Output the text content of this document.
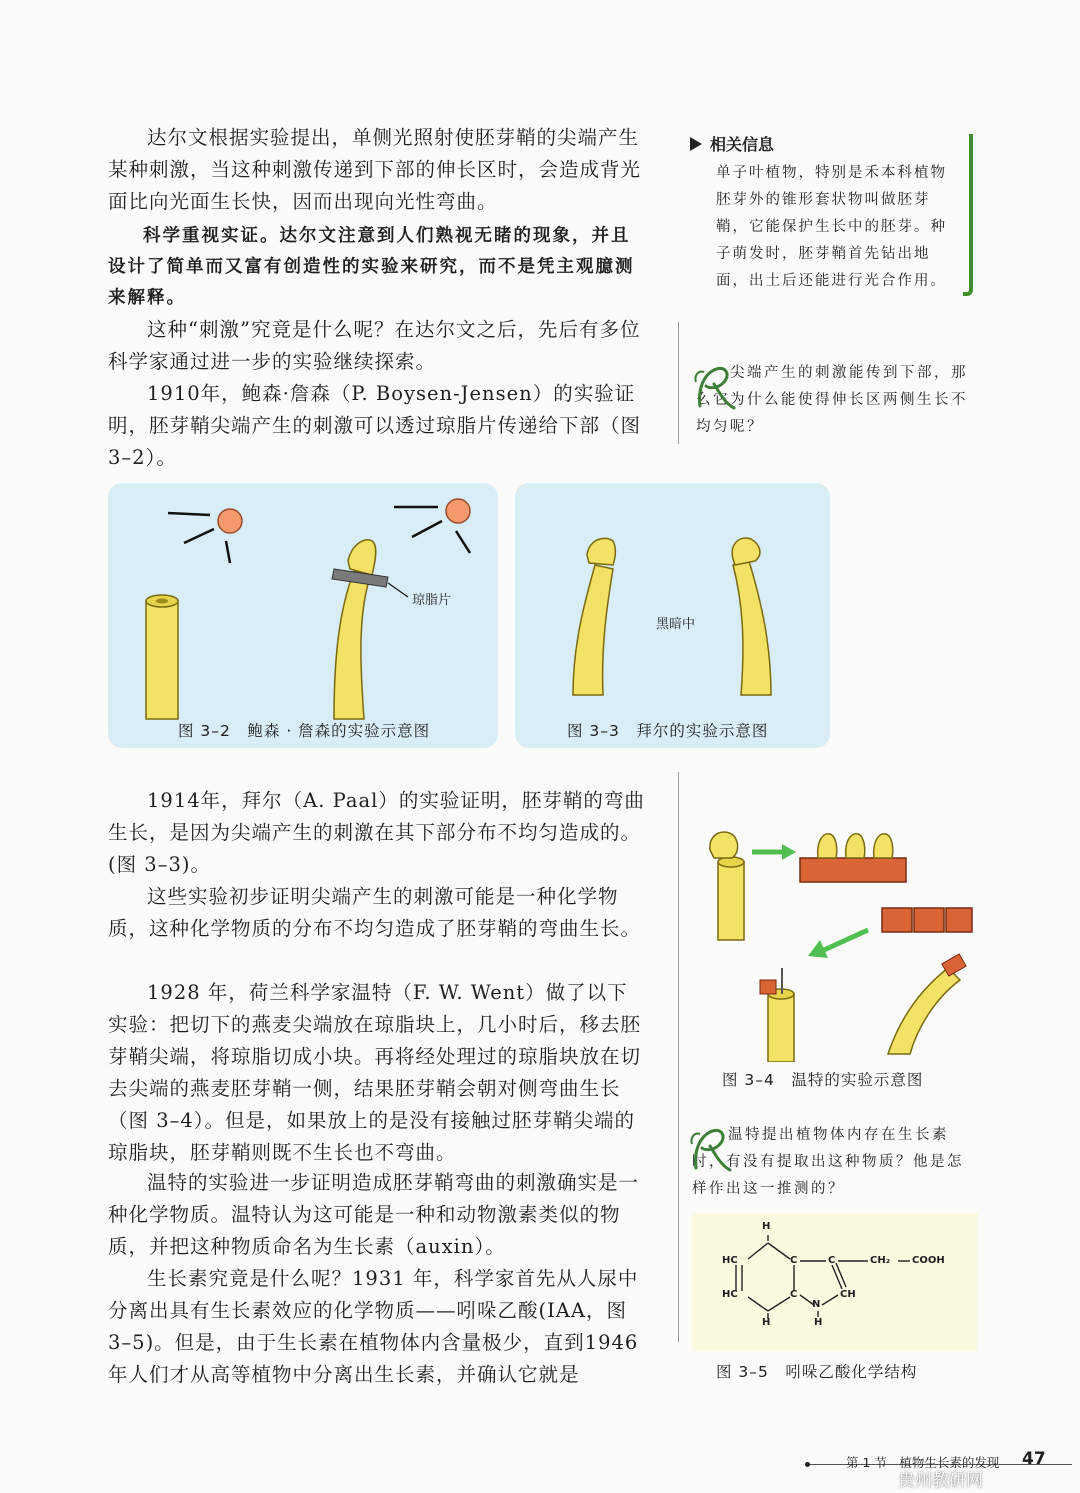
达尔文根据实验提出，单侧光照射使胚芽鞘的尖端产生某种刺激，当这种刺激传递到下部的伸长区时，会造成背光面比向光面生长快，因而出现向光性弯曲。

科学重视实证。达尔文注意到人们熟视无睹的现象，并且设计了简单而又富有创造性的实验来研究，而不是凭主观臆测来解释。

这种“刺激”究竟是什么呢？在达尔文之后，先后有多位科学家通过进一步的实验继续探索。

1910年，鲍森·詹森（P. Boysen-Jensen）的实验证明，胚芽鞘尖端产生的刺激可以透过琼脂片传递给下部（图 3–2）。

1914年，拜尔（A. Paal）的实验证明，胚芽鞘的弯曲生长，是因为尖端产生的刺激在其下部分布不均匀造成的。(图 3–3)。

这些实验初步证明尖端产生的刺激可能是一种化学物质，这种化学物质的分布不均匀造成了胚芽鞘的弯曲生长。

1928 年，荷兰科学家温特（F. W. Went）做了以下实验：把切下的燕麦尖端放在琼脂块上，几小时后，移去胚芽鞘尖端，将琼脂切成小块。再将经处理过的琼脂块放在切去尖端的燕麦胚芽鞘一侧，结果胚芽鞘会朝对侧弯曲生长（图 3–4）。但是，如果放上的是没有接触过胚芽鞘尖端的琼脂块，胚芽鞘则既不生长也不弯曲。

温特的实验进一步证明造成胚芽鞘弯曲的刺激确实是一种化学物质。温特认为这可能是一种和动物激素类似的物质，并把这种物质命名为生长素（auxin）。

生长素究竟是什么呢？1931 年，科学家首先从人尿中分离出具有生长素效应的化学物质——吲哚乙酸(IAA，图 3–5)。但是，由于生长素在植物体内含量极少，直到1946年人们才从高等植物中分离出生长素，并确认它就是

相关信息

单子叶植物，特别是禾本科植物胚芽外的锥形套状物叫做胚芽鞘，它能保护生长中的胚芽。种子萌发时，胚芽鞘首先钻出地面，出土后还能进行光合作用。

尖端产生的刺激能传到下部，那么它为什么能使得伸长区两侧生长不均匀呢？

琼脂片
图 3–2　鲍森 · 詹森的实验示意图
黑暗中
图 3–3　拜尔的实验示意图
图 3–4　温特的实验示意图

温特提出植物体内存在生长素时，有没有提取出这种物质？他是怎样作出这一推测的？

H
HC
HC
C
C
C
N
CH
H	H
CH₂ COOH
图 3–5　吲哚乙酸化学结构
第 1 节　植物生长素的发现 47
贵州教研网
